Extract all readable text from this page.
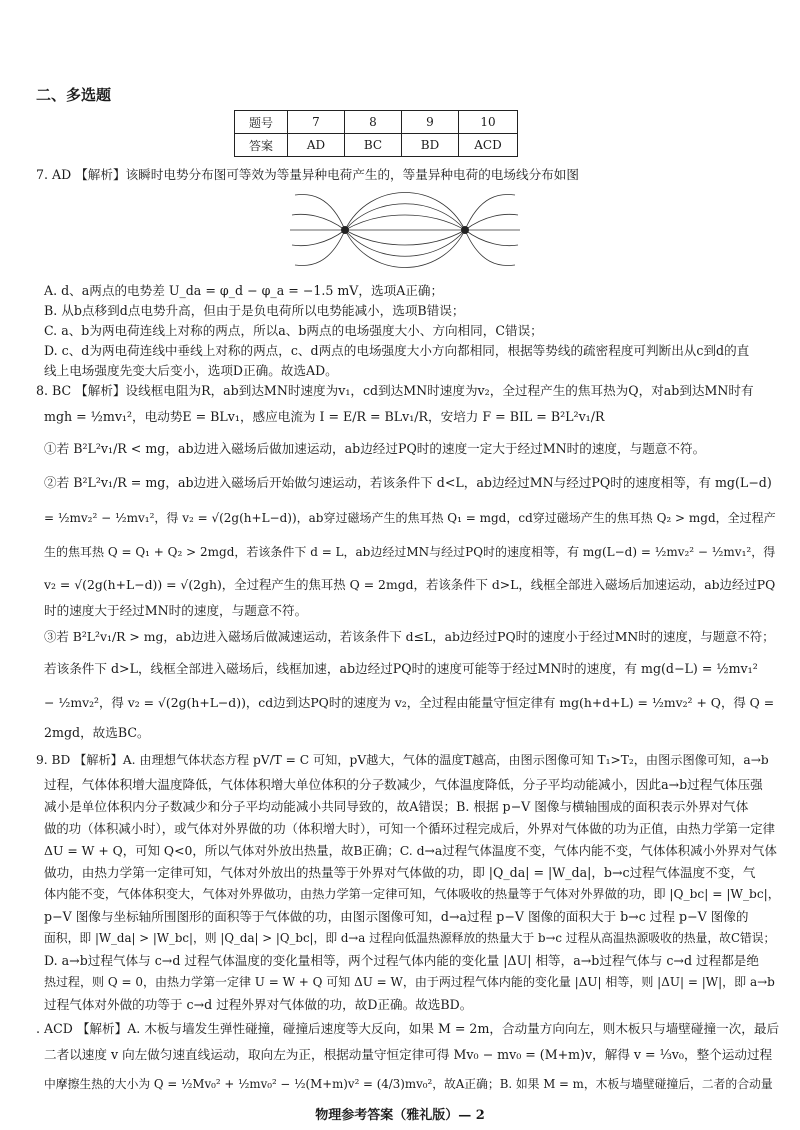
二、多选题
题号	7	8	9	10
答案	AD	BC	BD	ACD
7. AD 【解析】该瞬时电势分布图可等效为等量异种电荷产生的，等量异种电荷的电场线分布如图
A. d、a两点的电势差 U_da = φ_d − φ_a = −1.5 mV，选项A正确；
B. 从b点移到d点电势升高，但由于是负电荷所以电势能减小，选项B错误；
C. a、b为两电荷连线上对称的两点，所以a、b两点的电场强度大小、方向相同，C错误；
D. c、d为两电荷连线中垂线上对称的两点，c、d两点的电场强度大小方向都相同，根据等势线的疏密程度可判断出从c到d的直
线上电场强度先变大后变小，选项D正确。故选AD。
8. BC 【解析】设线框电阻为R，ab到达MN时速度为v₁，cd到达MN时速度为v₂，全过程产生的焦耳热为Q，对ab到达MN时有
mgh = ½mv₁²，电动势E = BLv₁，感应电流为 I = E/R = BLv₁/R，安培力 F = BIL = B²L²v₁/R
①若 B²L²v₁/R < mg，ab边进入磁场后做加速运动，ab边经过PQ时的速度一定大于经过MN时的速度，与题意不符。
②若 B²L²v₁/R = mg，ab边进入磁场后开始做匀速运动，若该条件下 d<L，ab边经过MN与经过PQ时的速度相等，有 mg(L−d)
= ½mv₂² − ½mv₁²，得 v₂ = √(2g(h+L−d))，ab穿过磁场产生的焦耳热 Q₁ = mgd，cd穿过磁场产生的焦耳热 Q₂ > mgd，全过程产
生的焦耳热 Q = Q₁ + Q₂ > 2mgd，若该条件下 d = L，ab边经过MN与经过PQ时的速度相等，有 mg(L−d) = ½mv₂² − ½mv₁²，得
v₂ = √(2g(h+L−d)) = √(2gh)，全过程产生的焦耳热 Q = 2mgd，若该条件下 d>L，线框全部进入磁场后加速运动，ab边经过PQ
时的速度大于经过MN时的速度，与题意不符。
③若 B²L²v₁/R > mg，ab边进入磁场后做减速运动，若该条件下 d≤L，ab边经过PQ时的速度小于经过MN时的速度，与题意不符；
若该条件下 d>L，线框全部进入磁场后，线框加速，ab边经过PQ时的速度可能等于经过MN时的速度，有 mg(d−L) = ½mv₁²
− ½mv₂²，得 v₂ = √(2g(h+L−d))，cd边到达PQ时的速度为 v₂，全过程由能量守恒定律有 mg(h+d+L) = ½mv₂² + Q，得 Q =
2mgd，故选BC。
9. BD 【解析】A. 由理想气体状态方程 pV/T = C 可知，pV越大，气体的温度T越高，由图示图像可知 T₁>T₂，由图示图像可知，a→b
过程，气体体积增大温度降低，气体体积增大单位体积的分子数减少，气体温度降低，分子平均动能减小，因此a→b过程气体压强
减小是单位体积内分子数减少和分子平均动能减小共同导致的，故A错误；B. 根据 p−V 图像与横轴围成的面积表示外界对气体
做的功（体积减小时），或气体对外界做的功（体积增大时），可知一个循环过程完成后，外界对气体做的功为正值，由热力学第一定律
ΔU = W + Q，可知 Q<0，所以气体对外放出热量，故B正确；C. d→a过程气体温度不变，气体内能不变，气体体积减小外界对气体
做功，由热力学第一定律可知，气体对外放出的热量等于外界对气体做的功，即 |Q_da| = |W_da|，b→c过程气体温度不变，气
体内能不变，气体体积变大，气体对外界做功，由热力学第一定律可知，气体吸收的热量等于气体对外界做的功，即 |Q_bc| = |W_bc|，
p−V 图像与坐标轴所围图形的面积等于气体做的功，由图示图像可知，d→a过程 p−V 图像的面积大于 b→c 过程 p−V 图像的
面积，即 |W_da| > |W_bc|，则 |Q_da| > |Q_bc|，即 d→a 过程向低温热源释放的热量大于 b→c 过程从高温热源吸收的热量，故C错误；
D. a→b过程气体与 c→d 过程气体温度的变化量相等，两个过程气体内能的变化量 |ΔU| 相等，a→b过程气体与 c→d 过程都是绝
热过程，则 Q = 0，由热力学第一定律 U = W + Q 可知 ΔU = W，由于两过程气体内能的变化量 |ΔU| 相等，则 |ΔU| = |W|，即 a→b
过程气体对外做的功等于 c→d 过程外界对气体做的功，故D正确。故选BD。
. ACD 【解析】A. 木板与墙发生弹性碰撞，碰撞后速度等大反向，如果 M = 2m，合动量方向向左，则木板只与墙壁碰撞一次，最后
二者以速度 v 向左做匀速直线运动，取向左为正，根据动量守恒定律可得 Mv₀ − mv₀ = (M+m)v，解得 v = ⅓v₀，整个运动过程
中摩擦生热的大小为 Q = ½Mv₀² + ½mv₀² − ½(M+m)v² = (4/3)mv₀²，故A正确；B. 如果 M = m，木板与墙壁碰撞后，二者的合动量
物理参考答案（雅礼版）— 2
